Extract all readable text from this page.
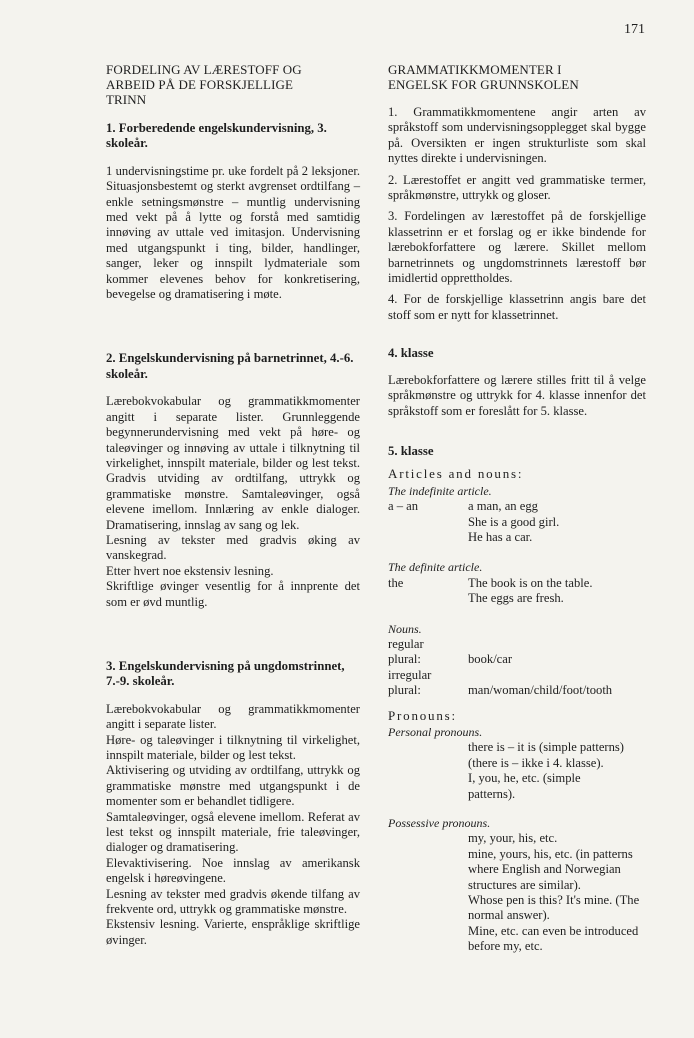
171
FORDELING AV LÆRESTOFF OG
ARBEID PÅ DE FORSKJELLIGE
TRINN
1. Forberedende engelskundervisning, 3. skoleår.

1 undervisningstime pr. uke fordelt på 2 leksjoner. Situasjonsbestemt og sterkt avgrenset ordtilfang – enkle setningsmønstre – muntlig undervisning med vekt på å lytte og forstå med samtidig innøving av uttale ved imitasjon. Undervisning med utgangspunkt i ting, bilder, handlinger, sanger, leker og innspilt lydmateriale som kommer elevenes behov for konkretisering, bevegelse og dramatisering i møte.

2. Engelskundervisning på barnetrinnet, 4.-6. skoleår.

Lærebokvokabular og grammatikkmomenter angitt i separate lister. Grunnleggende begynnerundervisning med vekt på høre- og taleøvinger og innøving av uttale i tilknytning til virkelighet, innspilt materiale, bilder og lest tekst. Gradvis utviding av ordtilfang, uttrykk og grammatiske mønstre. Samtaleøvinger, også elevene imellom. Innlæring av enkle dialoger. Dramatisering, innslag av sang og lek.

Lesning av tekster med gradvis øking av vanskegrad.

Etter hvert noe ekstensiv lesning.

Skriftlige øvinger vesentlig for å innprente det som er øvd muntlig.

3. Engelskundervisning på ungdomstrinnet, 7.-9. skoleår.

Lærebokvokabular og grammatikkmomenter angitt i separate lister.

Høre- og taleøvinger i tilknytning til virkelighet, innspilt materiale, bilder og lest tekst.

Aktivisering og utviding av ordtilfang, uttrykk og grammatiske mønstre med utgangspunkt i de momenter som er behandlet tidligere.

Samtaleøvinger, også elevene imellom. Referat av lest tekst og innspilt materiale, frie taleøvinger, dialoger og dramatisering.

Elevaktivisering. Noe innslag av amerikansk engelsk i høreøvingene.

Lesning av tekster med gradvis økende tilfang av frekvente ord, uttrykk og grammatiske mønstre.

Ekstensiv lesning. Varierte, enspråklige skriftlige øvinger.

GRAMMATIKKMOMENTER I
ENGELSK FOR GRUNNSKOLEN

1. Grammatikkmomentene angir arten av språkstoff som undervisningsopplegget skal bygge på. Oversikten er ingen strukturliste som skal nyttes direkte i undervisningen.

2. Lærestoffet er angitt ved grammatiske termer, språkmønstre, uttrykk og gloser.

3. Fordelingen av lærestoffet på de forskjellige klassetrinn er et forslag og er ikke bindende for lærebokforfattere og lærere. Skillet mellom barnetrinnets og ungdomstrinnets lærestoff bør imidlertid opprettholdes.

4. For de forskjellige klassetrinn angis bare det stoff som er nytt for klassetrinnet.

4. klasse

Lærebokforfattere og lærere stilles fritt til å velge språkmønstre og uttrykk for 4. klasse innenfor det språkstoff som er foreslått for 5. klasse.

5. klasse
Articles and nouns:
The indefinite article.
a – an	a man, an egg
She is a good girl.
He has a car.
The definite article.
the	The book is on the table.
The eggs are fresh.
Nouns.
regular
plural:	book/car
irregular
plural:	man/woman/child/foot/tooth
Pronouns:
Personal pronouns.
there is – it is (simple patterns)
(there is – ikke i 4. klasse).
I, you, he, etc. (simple
patterns).
Possessive pronouns.
my, your, his, etc.
mine, yours, his, etc. (in patterns where English and Norwegian structures are similar).
Whose pen is this? It's mine. (The normal answer).
Mine, etc. can even be introduced before my, etc.
